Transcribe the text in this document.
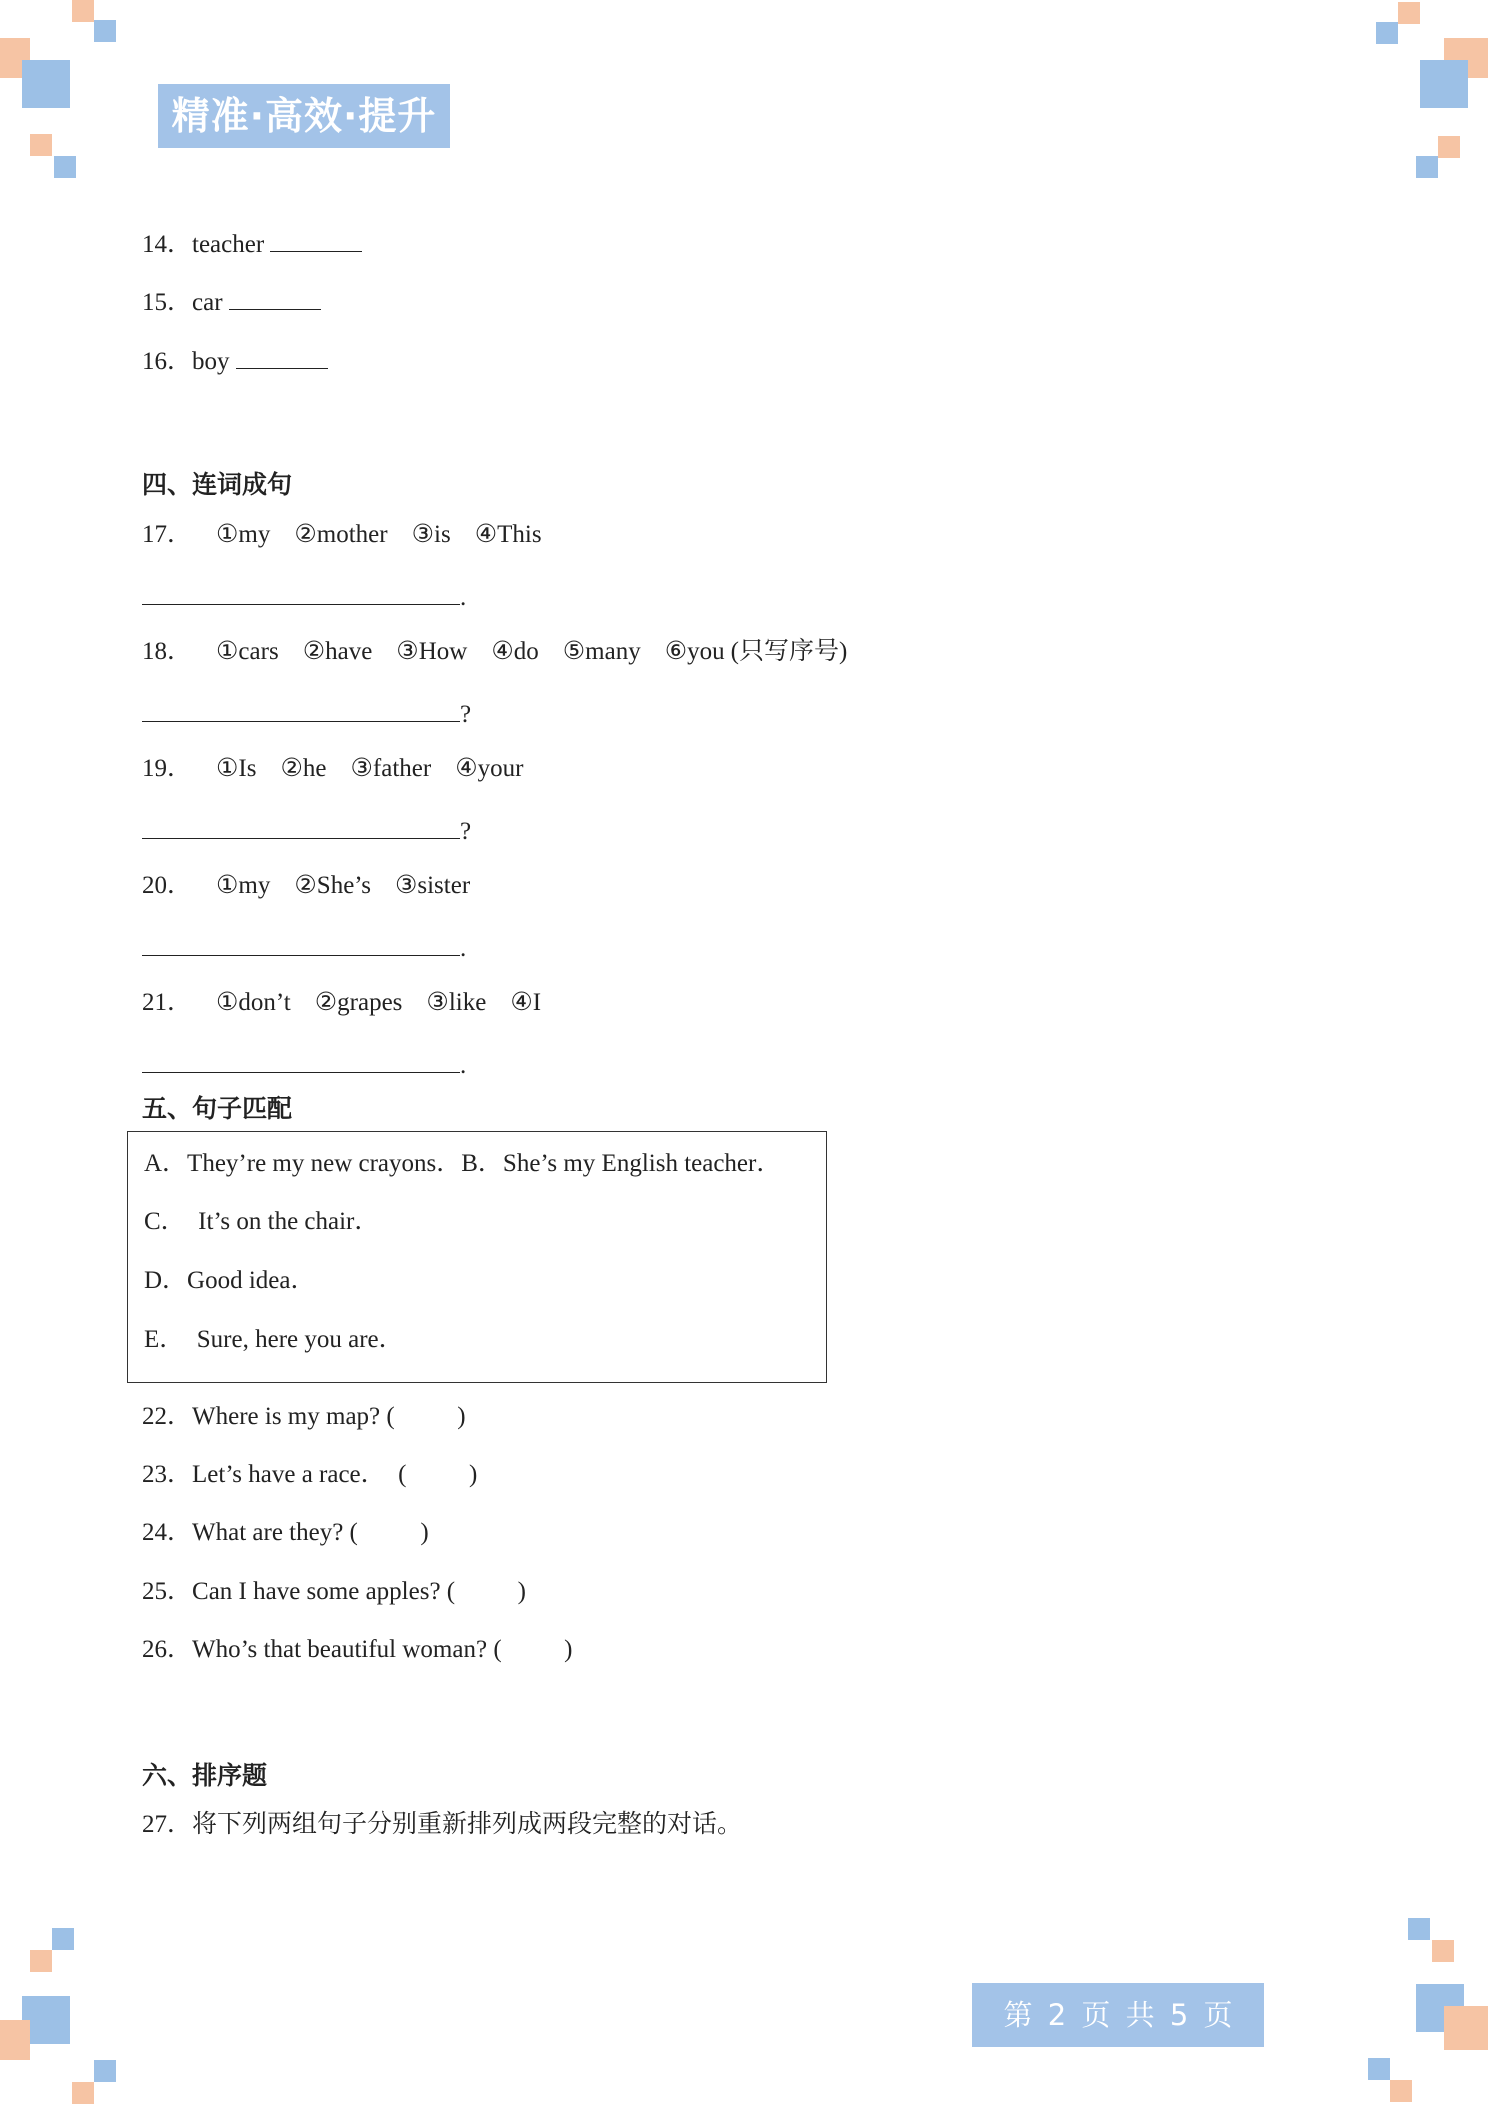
精准·高效·提升
14．teacher
15．car
16．boy
四、连词成句
17． ①my ②mother ③is ④This
.
18． ①cars ②have ③How ④do ⑤many ⑥you (只写序号)
?
19． ①Is ②he ③father ④your
?
20． ①my ②She’s ③sister
.
21． ①don’t ②grapes ③like ④I
.
五、句子匹配
A．They’re my new crayons．B．She’s my English teacher．
C．  It’s on the chair．
D．Good idea．
E．  Sure, here you are．
22．Where is my map? (          )
23．Let’s have a race．  (          )
24．What are they? (          )
25．Can I have some apples? (          )
26．Who’s that beautiful woman? (          )
六、排序题
27．将下列两组句子分别重新排列成两段完整的对话。
第 2 页 共 5 页
